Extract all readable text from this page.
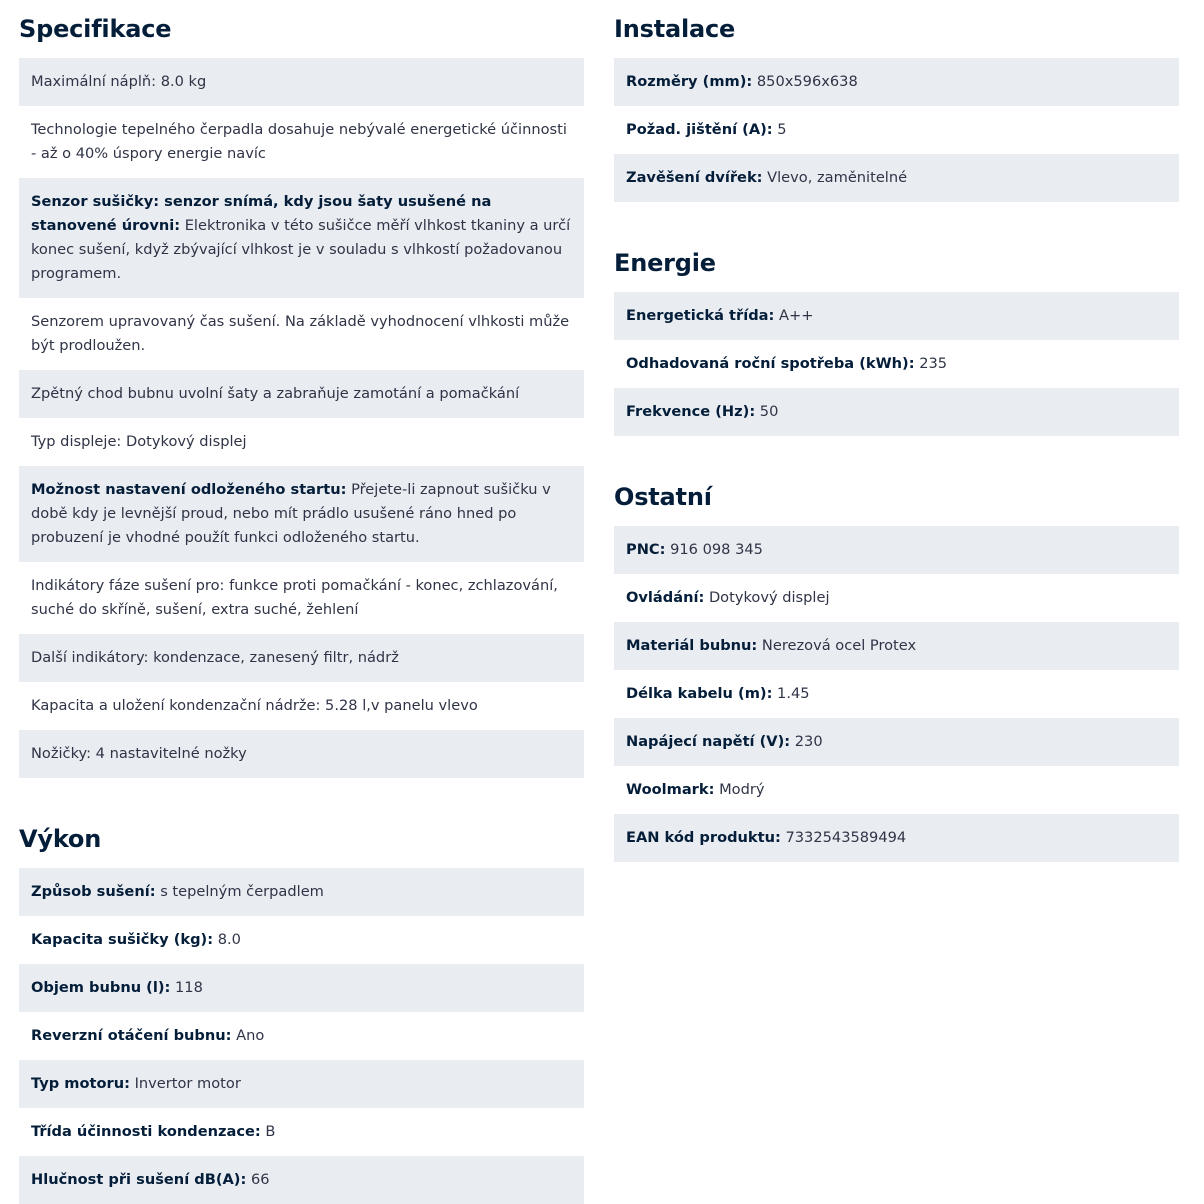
Specifikace
Maximální náplň: 8.0 kg
Technologie tepelného čerpadla dosahuje nebývalé energetické účinnosti - až o 40% úspory energie navíc
Senzor sušičky: senzor snímá, kdy jsou šaty usušené na stanovené úrovni: Elektronika v této sušičce měří vlhkost tkaniny a určí konec sušení, když zbývající vlhkost je v souladu s vlhkostí požadovanou programem.
Senzorem upravovaný čas sušení. Na základě vyhodnocení vlhkosti může být prodloužen.
Zpětný chod bubnu uvolní šaty a zabraňuje zamotání a pomačkání
Typ displeje: Dotykový displej
Možnost nastavení odloženého startu: Přejete-li zapnout sušičku v době kdy je levnější proud, nebo mít prádlo usušené ráno hned po probuzení je vhodné použít funkci odloženého startu.
Indikátory fáze sušení pro: funkce proti pomačkání - konec, zchlazování, suché do skříně, sušení, extra suché, žehlení
Další indikátory: kondenzace, zanesený filtr, nádrž
Kapacita a uložení kondenzační nádrže: 5.28 l,v panelu vlevo
Nožičky: 4 nastavitelné nožky
Výkon
Způsob sušení: s tepelným čerpadlem
Kapacita sušičky (kg): 8.0
Objem bubnu (l): 118
Reverzní otáčení bubnu: Ano
Typ motoru: Invertor motor
Třída účinnosti kondenzace: B
Hlučnost při sušení dB(A): 66
Instalace
Rozměry (mm): 850x596x638
Požad. jištění (A): 5
Zavěšení dvířek: Vlevo, zaměnitelné
Energie
Energetická třída: A++
Odhadovaná roční spotřeba (kWh): 235
Frekvence (Hz): 50
Ostatní
PNC: 916 098 345
Ovládání: Dotykový displej
Materiál bubnu: Nerezová ocel Protex
Délka kabelu (m): 1.45
Napájecí napětí (V): 230
Woolmark: Modrý
EAN kód produktu: 7332543589494
